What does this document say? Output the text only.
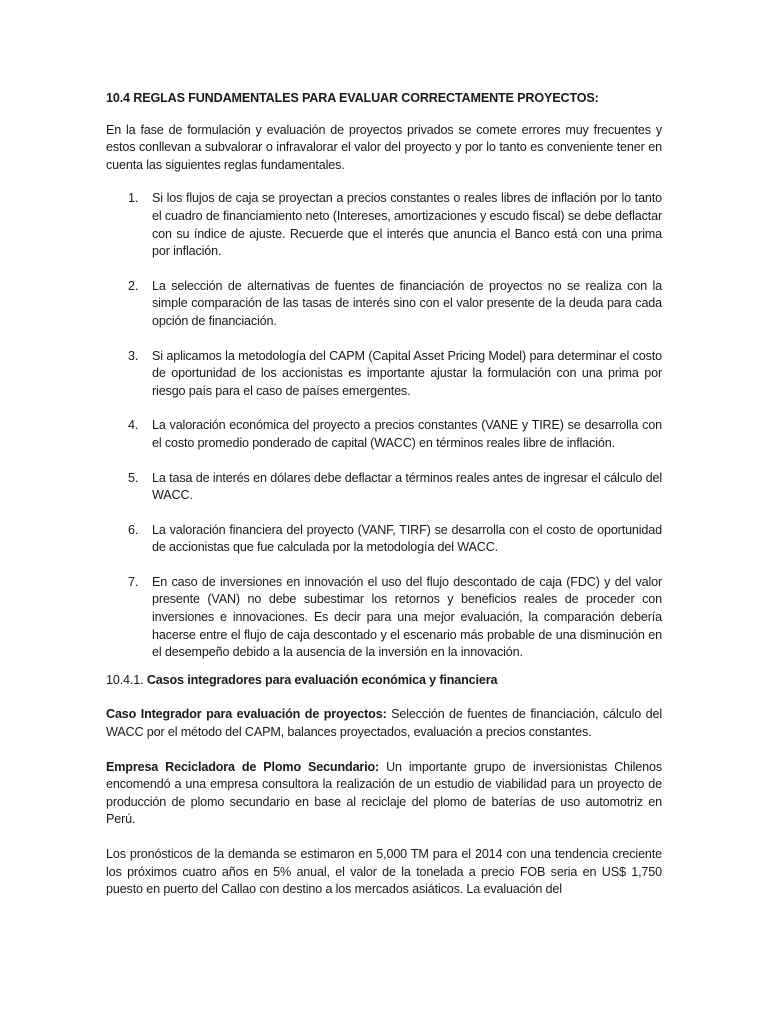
10.4 REGLAS FUNDAMENTALES PARA EVALUAR CORRECTAMENTE PROYECTOS:

En la fase de formulación y evaluación de proyectos privados se comete errores muy frecuentes y estos conllevan a subvalorar o infravalorar el valor del proyecto y por lo tanto es conveniente tener en cuenta las siguientes reglas fundamentales.

1. Si los flujos de caja se proyectan a precios constantes o reales libres de inflación por lo tanto el cuadro de financiamiento neto (Intereses, amortizaciones y escudo fiscal) se debe deflactar con su índice de ajuste. Recuerde que el interés que anuncia el Banco está con una prima por inflación.
2. La selección de alternativas de fuentes de financiación de proyectos no se realiza con la simple comparación de las tasas de interés sino con el valor presente de la deuda para cada opción de financiación.
3. Si aplicamos la metodología del CAPM (Capital Asset Pricing Model) para determinar el costo de oportunidad de los accionistas es importante ajustar la formulación con una prima por riesgo país para el caso de países emergentes.
4. La valoración económica del proyecto a precios constantes (VANE y TIRE) se desarrolla con el costo promedio ponderado de capital (WACC) en términos reales libre de inflación.
5. La tasa de interés en dólares debe deflactar a términos reales antes de ingresar el cálculo del WACC.
6. La valoración financiera del proyecto (VANF, TIRF) se desarrolla con el costo de oportunidad de accionistas que fue calculada por la metodología del WACC.
7. En caso de inversiones en innovación el uso del flujo descontado de caja (FDC) y del valor presente (VAN) no debe subestimar los retornos y beneficios reales de proceder con inversiones e innovaciones. Es decir para una mejor evaluación, la comparación debería hacerse entre el flujo de caja descontado y el escenario más probable de una disminución en el desempeño debido a la ausencia de la inversión en la innovación.

10.4.1. Casos integradores para evaluación económica y financiera

Caso Integrador para evaluación de proyectos: Selección de fuentes de financiación, cálculo del WACC por el método del CAPM, balances proyectados, evaluación a precios constantes.

Empresa Recicladora de Plomo Secundario: Un importante grupo de inversionistas Chilenos encomendó a una empresa consultora la realización de un estudio de viabilidad para un proyecto de producción de plomo secundario en base al reciclaje del plomo de baterías de uso automotriz en Perú.

Los pronósticos de la demanda se estimaron en 5,000 TM para el 2014 con una tendencia creciente los próximos cuatro años en 5% anual, el valor de la tonelada a precio FOB seria en US$ 1,750 puesto en puerto del Callao con destino a los mercados asiáticos. La evaluación del
